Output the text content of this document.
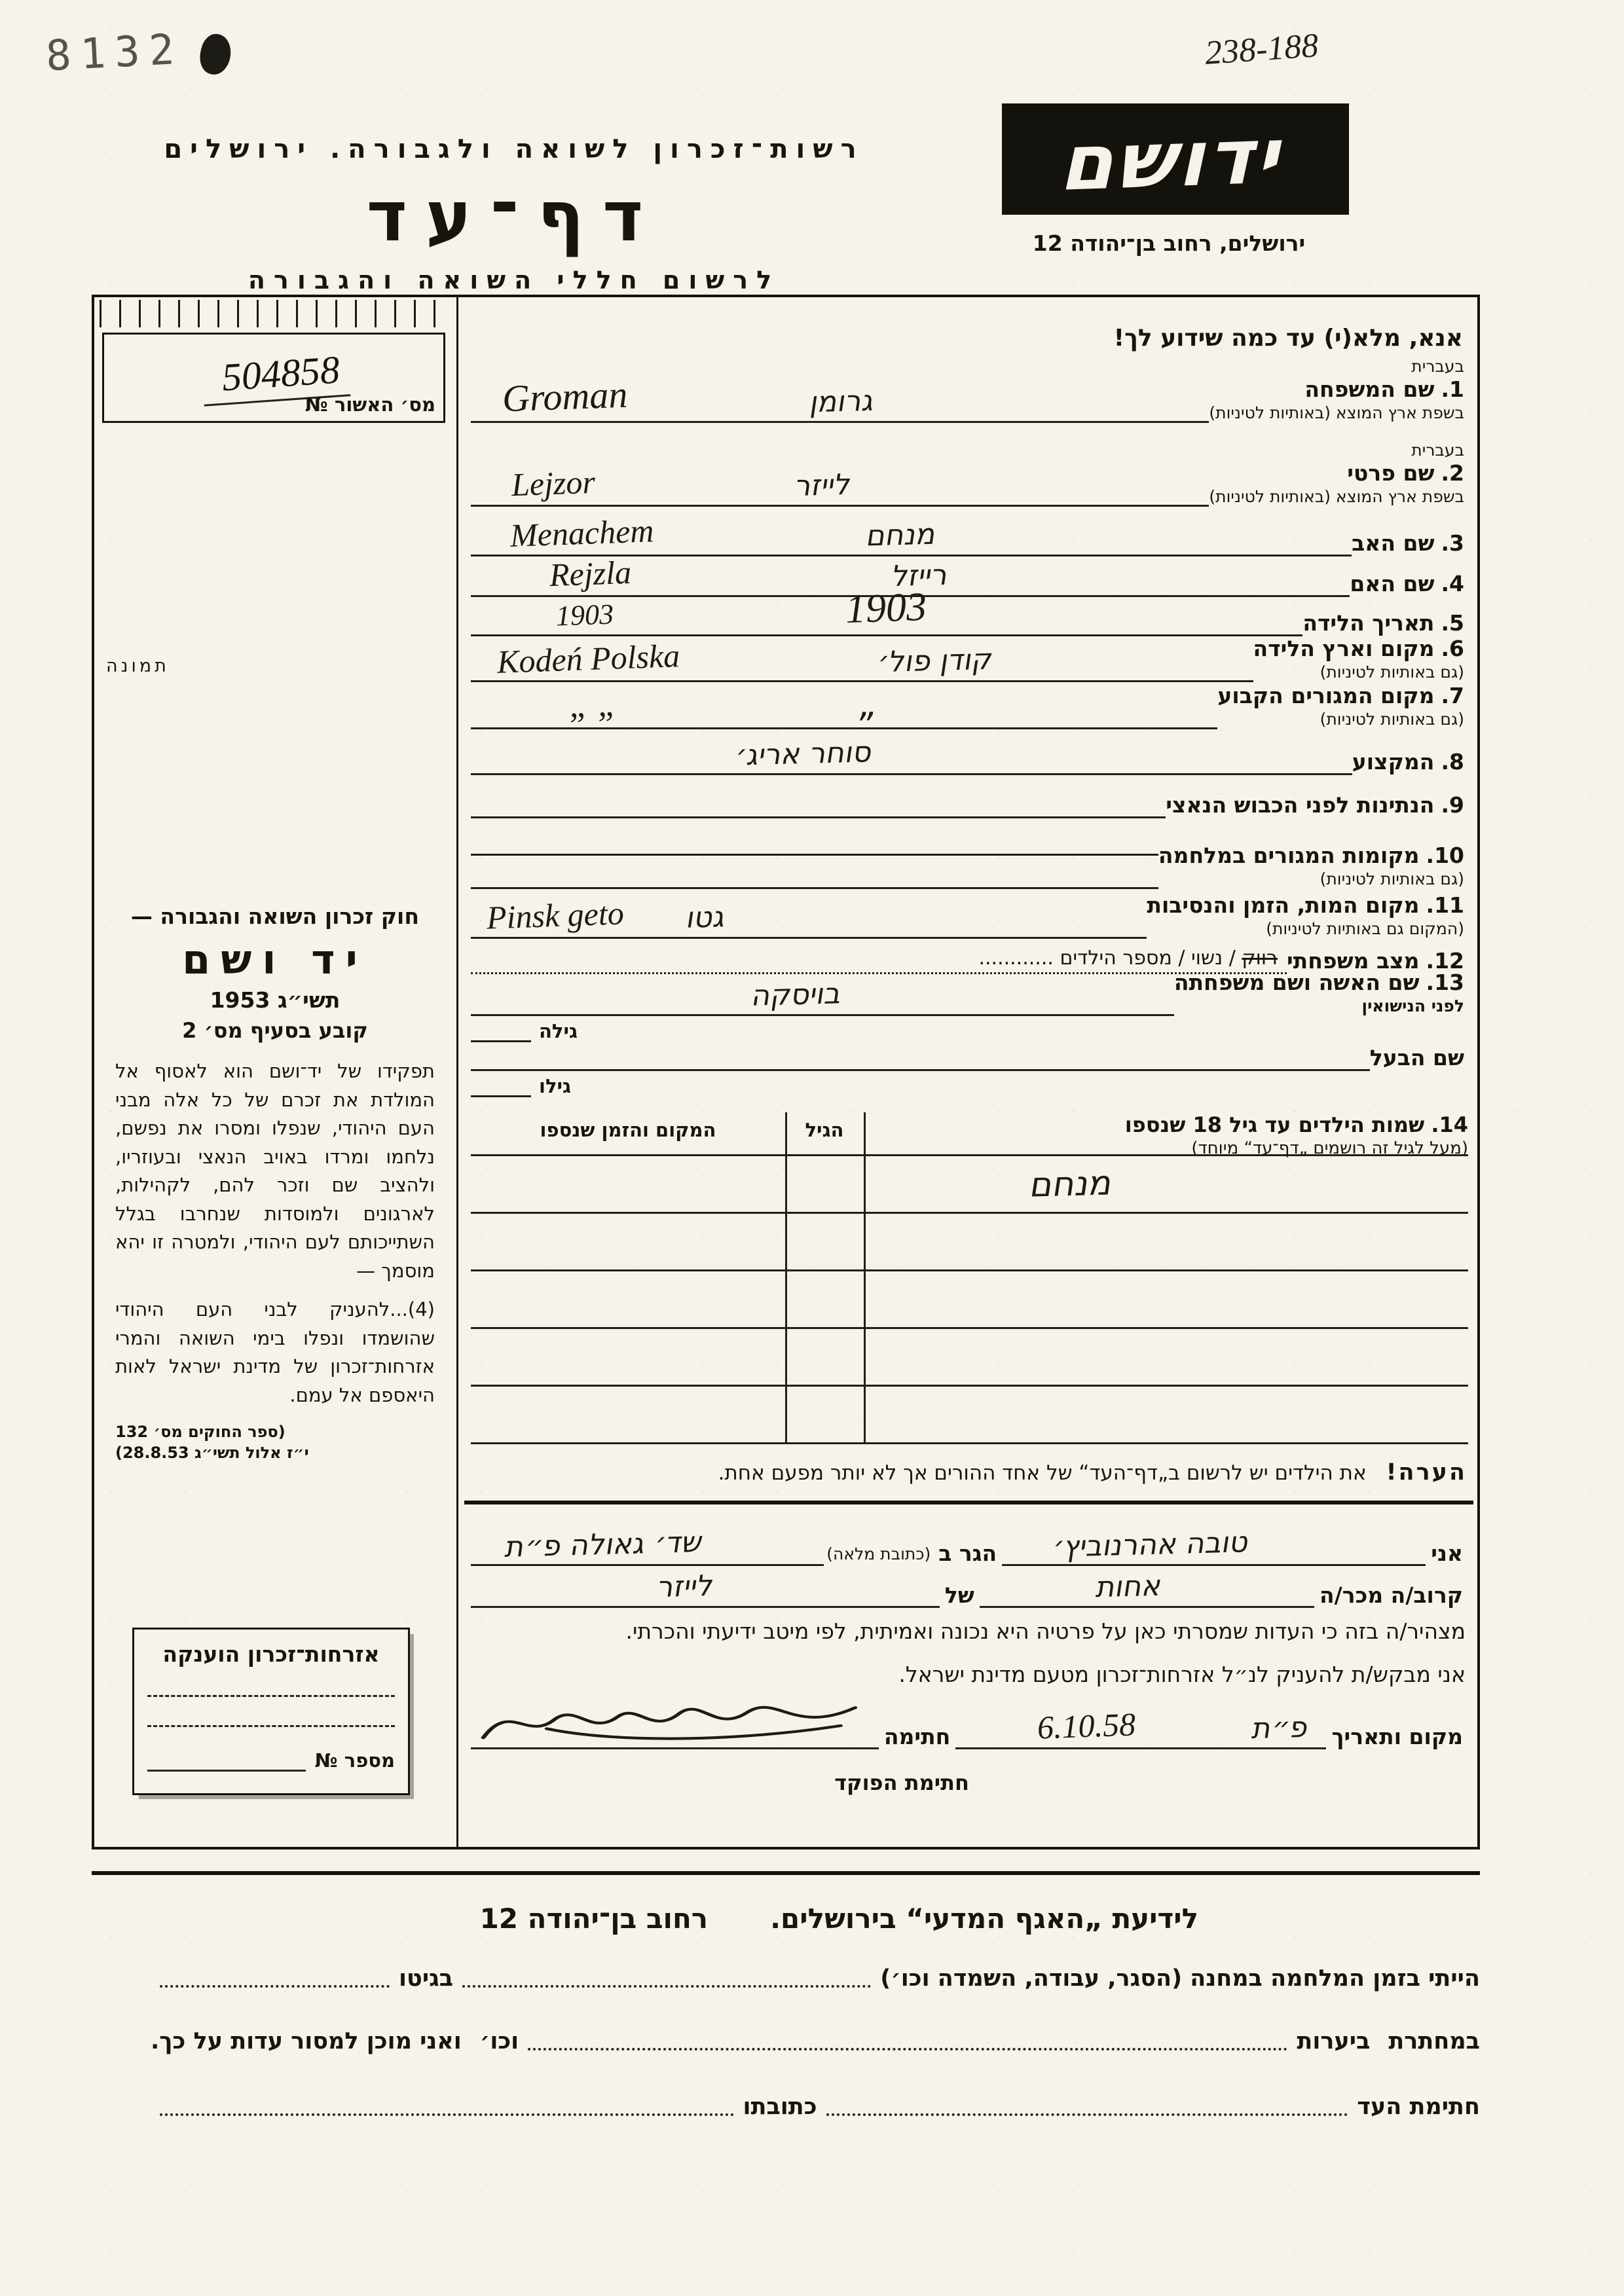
8132	238-188
רשות־זכרון לשואה ולגבורה. ירושלים
דף־עד
לרשום חללי השואה והגבורה
ידושם
ירושלים, רחוב בן־יהודה 12
504858
מס׳ האשור №
תמונה
חוק זכרון השואה והגבורה —
יד ושם
תשי״ג 1953
קובע בסעיף מס׳ 2
תפקידו של יד־ושם הוא לאסוף אל המולדת את זכרם של כל אלה מבני העם היהודי, שנפלו ומסרו את נפשם, נלחמו ומרדו באויב הנאצי ובעוזריו, ולהציב שם וזכר להם, לקהילות, לארגונים ולמוסדות שנחרבו בגלל השתייכותם לעם היהודי, ולמטרה זו יהא מוסמך —
(4)...להעניק לבני העם היהודי שהושמדו ונפלו בימי השואה והמרי אזרחות־זכרון של מדינת ישראל לאות היאספם אל עמם.
(ספר החוקים מס׳ 132
י״ז אלול תשי״ג 28.8.53)
אזרחות־זכרון הוענקה
מספר

№
אנא, מלא(י) עד כמה שידוע לך!
בעברית
1.שם המשפחה
בשפת ארץ המוצא (באותיות לטיניות)
גרומן
Groman
בעברית
2.שם פרטי
בשפת ארץ המוצא (באותיות לטיניות)
לייזר
Lejzor
3.שם האב
מנחם
Menachem
4.שם האם
רייזל
Rejzla
5.תאריך הלידה
1903
1903
6.מקום וארץ הלידה
(גם באותיות לטיניות)
קודן פול׳
Kodeń Polska
7.מקום המגורים הקבוע
(גם באותיות לטיניות)
„
„ „
8.המקצוע
סוחר אריג׳
9.הנתינות לפני הכבוש הנאצי
10.מקומות המגורים במלחמה
(גם באותיות לטיניות)
11.מקום המות, הזמן והנסיבות
(המקום גם באותיות לטיניות)
גטו
Pinsk geto
12.מצב משפחתי
רווק / נשוי / מספר הילדים ............
13.שם האשה ושם משפחתה
לפני הנישואין
בויסקה
גילה
שם הבעל
גילו
14.שמות הילדים עד גיל 18 שנספו
(מעל לגיל זה רושמים „דף־עד“ מיוחד)
המקום והזמן שנספו	הגיל
מנחם
הערה! את הילדים יש לרשום ב„דף־העד“ של אחד ההורים אך לא יותר מפעם אחת.
אני
טובה אהרנוביץ׳
הגר ב
(כתובת מלאה)
שד׳ גאולה פ״ת
קרוב/ה מכר/ה
אחות
של
לייזר
מצהיר/ה בזה כי העדות שמסרתי כאן על פרטיה היא נכונה ואמיתית, לפי מיטב ידיעתי והכרתי.
אני מבקש/ת להעניק לנ״ל אזרחות־זכרון מטעם מדינת ישראל.
מקום ותאריך
פ״ת
6.10.58
חתימה
חתימת הפוקד
לידיעת „האגף המדעי“ בירושלים.
רחוב בן־יהודה 12
הייתי בזמן המלחמה במחנה (הסגר, עבודה, השמדה וכו׳)
בגיטו
במחתרת
ביערות
וכו׳
ואני מוכן למסור עדות על כך.
חתימת העד
כתובתו
